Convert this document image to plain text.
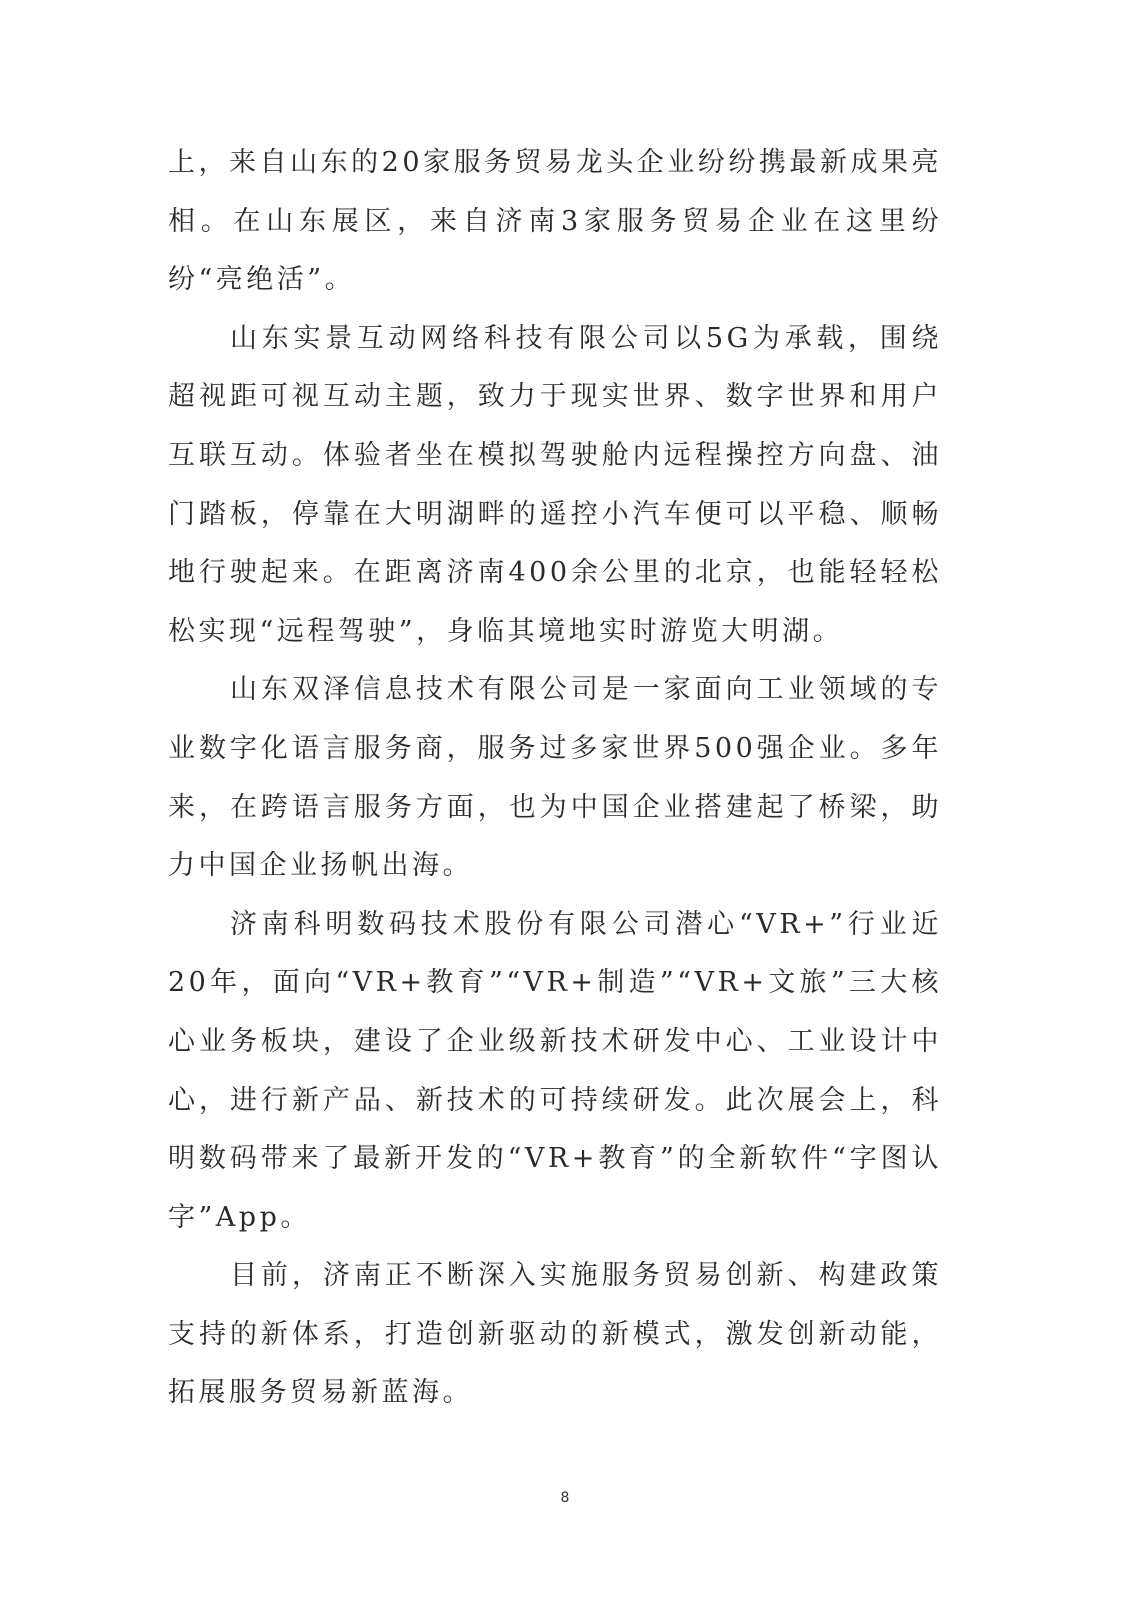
上，来自山东的20家服务贸易龙头企业纷纷携最新成果亮相。在山东展区，来自济南3家服务贸易企业在这里纷纷“亮绝活”。

山东实景互动网络科技有限公司以5G为承载，围绕超视距可视互动主题，致力于现实世界、数字世界和用户互联互动。体验者坐在模拟驾驶舱内远程操控方向盘、油门踏板，停靠在大明湖畔的遥控小汽车便可以平稳、顺畅地行驶起来。在距离济南400余公里的北京，也能轻轻松松实现“远程驾驶”，身临其境地实时游览大明湖。

山东双泽信息技术有限公司是一家面向工业领域的专业数字化语言服务商，服务过多家世界500强企业。多年来，在跨语言服务方面，也为中国企业搭建起了桥梁，助力中国企业扬帆出海。

济南科明数码技术股份有限公司潜心“VR+”行业近20年，面向“VR+教育”“VR+制造”“VR+文旅”三大核心业务板块，建设了企业级新技术研发中心、工业设计中心，进行新产品、新技术的可持续研发。此次展会上，科明数码带来了最新开发的“VR+教育”的全新软件“字图认字”App。

目前，济南正不断深入实施服务贸易创新、构建政策支持的新体系，打造创新驱动的新模式，激发创新动能，拓展服务贸易新蓝海。

8
